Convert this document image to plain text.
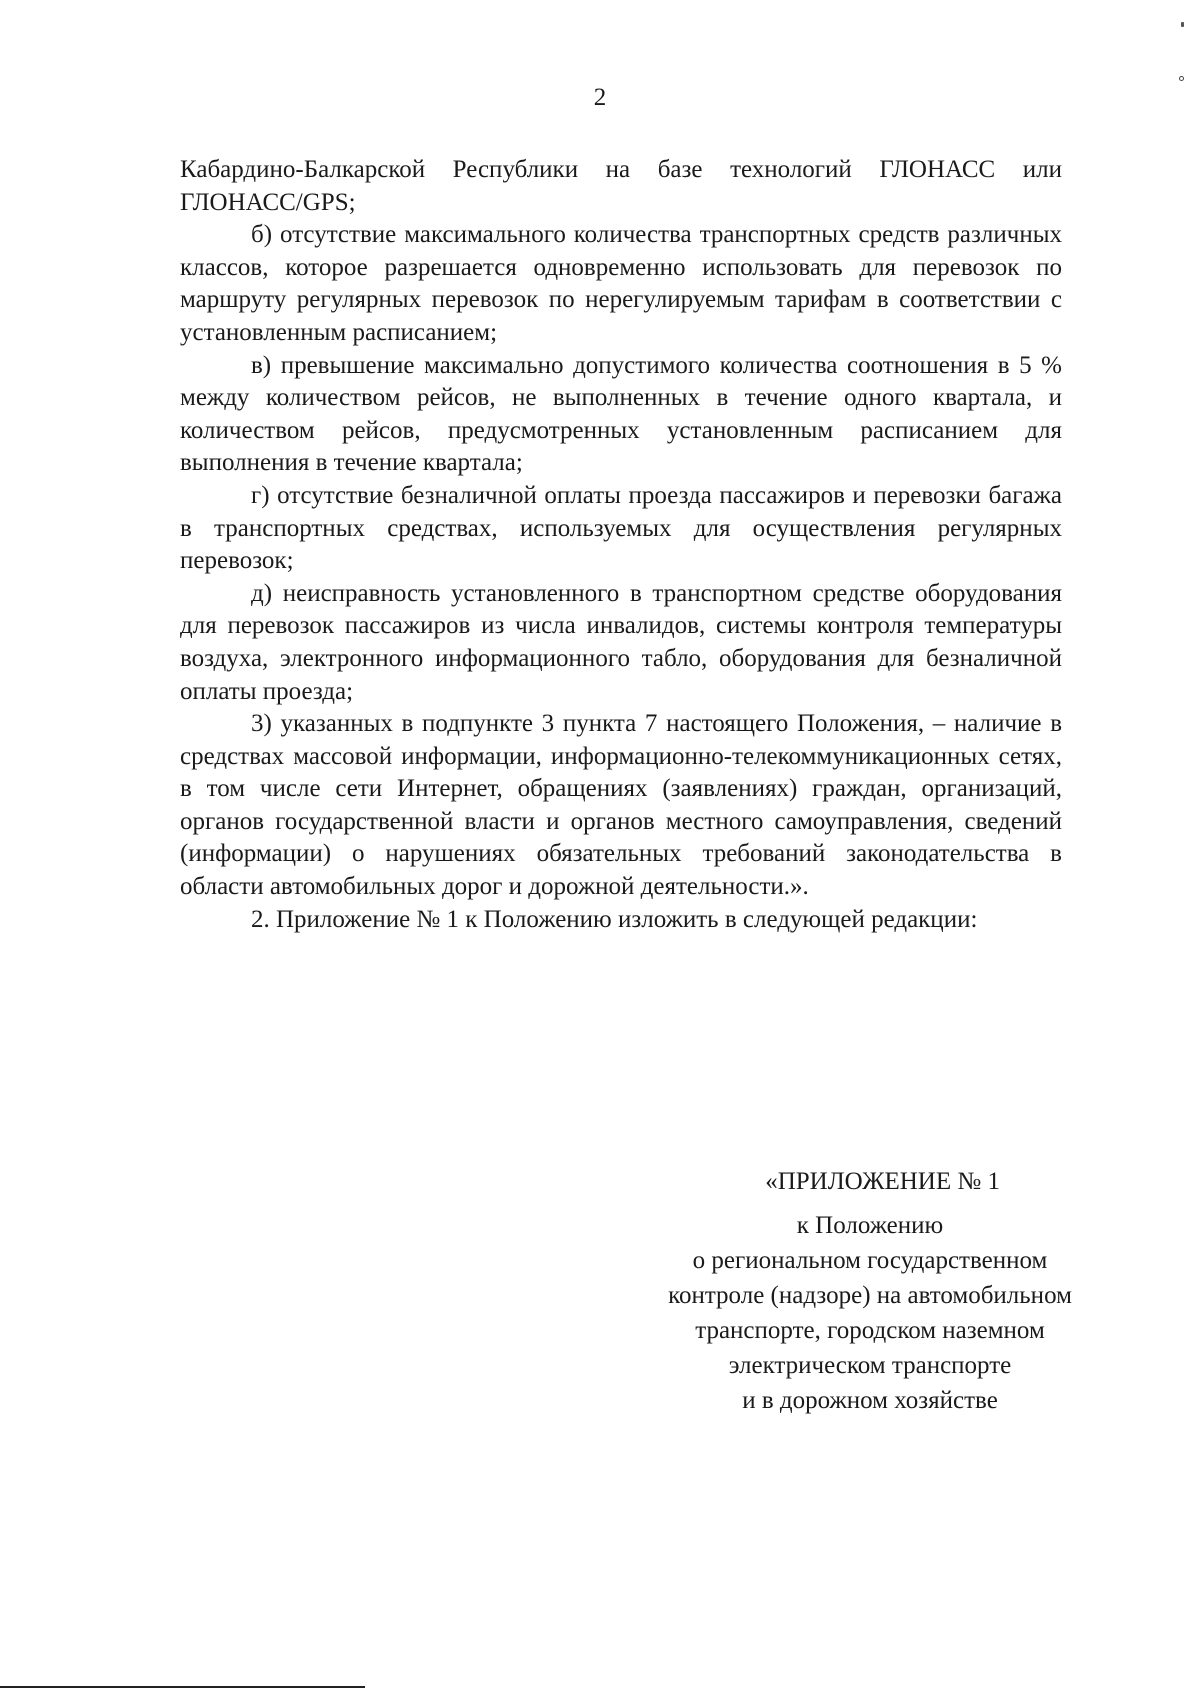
2

Кабардино-Балкарской Республики на базе технологий ГЛОНАСС или ГЛОНАСС/GPS;

б) отсутствие максимального количества транспортных средств различных классов, которое разрешается одновременно использовать для перевозок по маршруту регулярных перевозок по нерегулируемым тарифам в соответствии с установленным расписанием;

в) превышение максимально допустимого количества соотношения в 5 % между количеством рейсов, не выполненных в течение одного квартала, и количеством рейсов, предусмотренных установленным расписанием для выполнения в течение квартала;

г) отсутствие безналичной оплаты проезда пассажиров и перевозки багажа в транспортных средствах, используемых для осуществления регулярных перевозок;

д) неисправность установленного в транспортном средстве оборудования для перевозок пассажиров из числа инвалидов, системы контроля температуры воздуха, электронного информационного табло, оборудования для безналичной оплаты проезда;

3) указанных в подпункте 3 пункта 7 настоящего Положения, – наличие в средствах массовой информации, информационно-телекоммуникационных сетях, в том числе сети Интернет, обращениях (заявлениях) граждан, организаций, органов государственной власти и органов местного самоуправления, сведений (информации) о нарушениях обязательных требований законодательства в области автомобильных дорог и дорожной деятельности.».

2. Приложение № 1 к Положению изложить в следующей редакции:

«ПРИЛОЖЕНИЕ № 1
к Положению
о региональном государственном
контроле (надзоре) на автомобильном
транспорте, городском наземном
электрическом транспорте
и в дорожном хозяйстве
